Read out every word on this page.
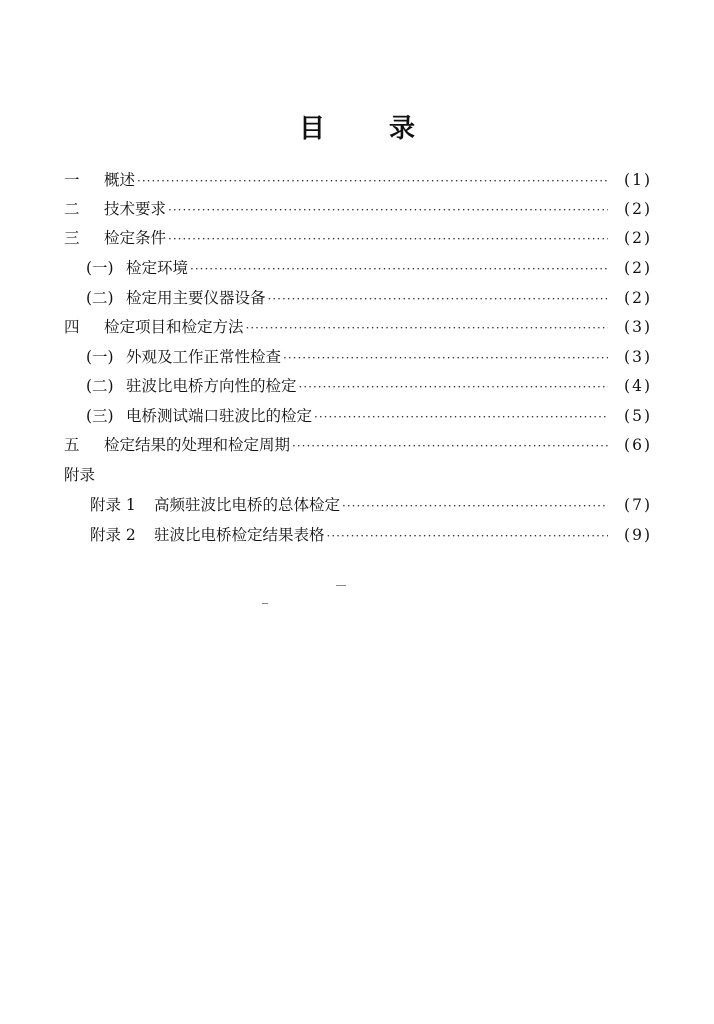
目 录
一	概述 ·····	(1)
二	技术要求 ·····	(2)
三	检定条件 ·····	(2)
(一) 检定环境 ·····	(2)
(二) 检定用主要仪器设备 ·····	(2)
四	检定项目和检定方法 ·····	(3)
(一) 外观及工作正常性检查 ·····	(3)
(二) 驻波比电桥方向性的检定 ·····	(4)
(三) 电桥测试端口驻波比的检定 ·····	(5)
五	检定结果的处理和检定周期 ·····	(6)
附录
附录 1	高频驻波比电桥的总体检定 ·····	(7)
附录 2	驻波比电桥检定结果表格 ·····	(9)
